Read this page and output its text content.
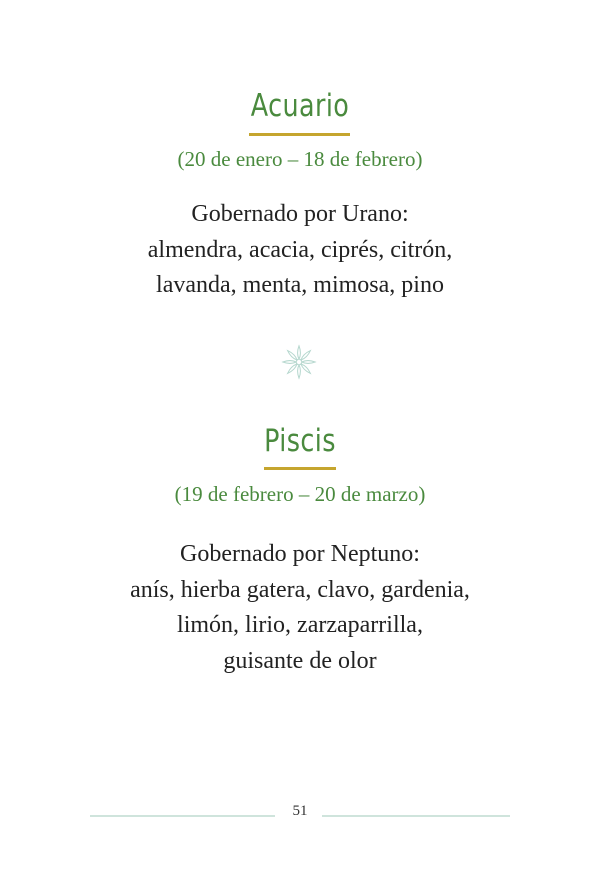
Acuario
(20 de enero – 18 de febrero)
Gobernado por Urano:
almendra, acacia, ciprés, citrón,
lavanda, menta, mimosa, pino
Piscis
(19 de febrero – 20 de marzo)
Gobernado por Neptuno:
anís, hierba gatera, clavo, gardenia,
limón, lirio, zarzaparrilla,
guisante de olor
51
